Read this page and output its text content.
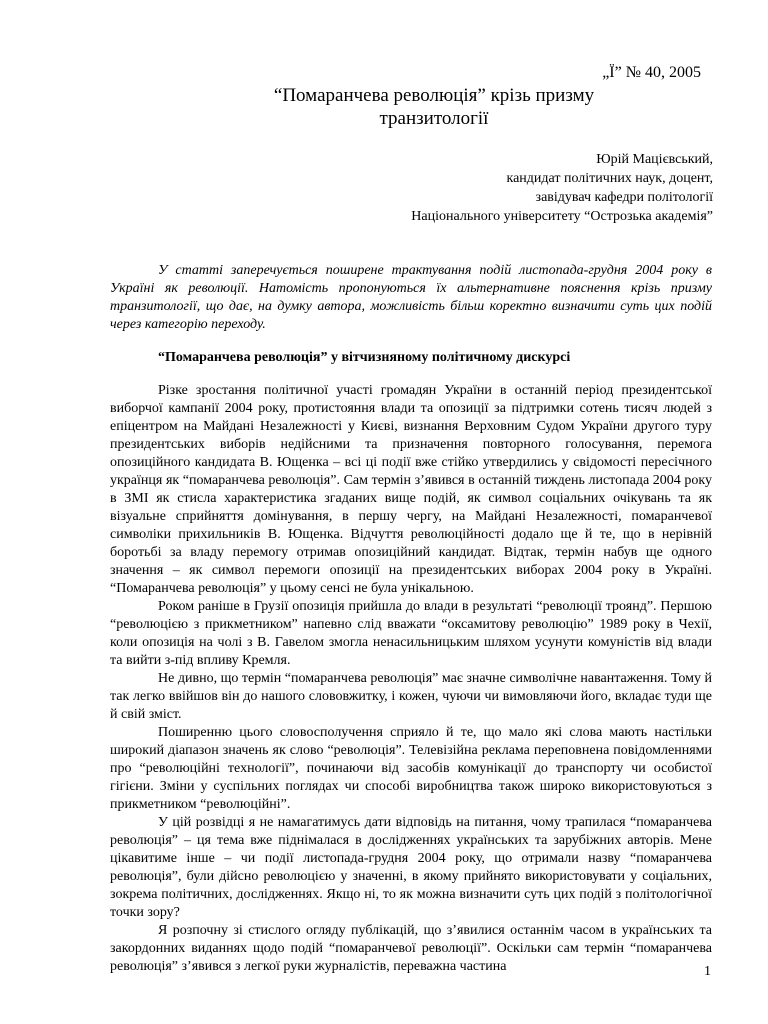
„Ї” № 40, 2005
“Помаранчева революція” крізь призму
транзитології
Юрій Мацієвський,
кандидат політичних наук, доцент,
завідувач кафедри політології
Національного університету “Острозька академія”

У статті заперечується поширене трактування подій листопада-грудня 2004 року в Україні як революції. Натомість пропонуються їх альтернативне пояснення крізь призму транзитології, що дає, на думку автора, можливість більш коректно визначити суть цих подій через категорію переходу.

“Помаранчева революція” у вітчизняному політичному дискурсі

Різке зростання політичної участі громадян України в останній період президентської виборчої кампанії 2004 року, протистояння влади та опозиції за підтримки сотень тисяч людей з епіцентром на Майдані Незалежності у Києві, визнання Верховним Судом України другого туру президентських виборів недійсними та призначення повторного голосування, перемога опозиційного кандидата В. Ющенка – всі ці події вже стійко утвердились у свідомості пересічного українця як “помаранчева революція”. Сам термін з’явився в останній тиждень листопада 2004 року в ЗМІ як стисла характеристика згаданих вище подій, як символ соціальних очікувань та як візуальне сприйняття домінування, в першу чергу, на Майдані Незалежності, помаранчевої символіки прихильників В. Ющенка. Відчуття революційності додало ще й те, що в нерівній боротьбі за владу перемогу отримав опозиційний кандидат. Відтак, термін набув ще одного значення – як символ перемоги опозиції на президентських виборах 2004 року в Україні. “Помаранчева революція” у цьому сенсі не була унікальною.

Роком раніше в Грузії опозиція прийшла до влади в результаті “революції троянд”. Першою “революцією з прикметником” напевно слід вважати “оксамитову революцію” 1989 року в Чехії, коли опозиція на чолі з В. Гавелом змогла ненасильницьким шляхом усунути комуністів від влади та вийти з-під впливу Кремля.

Не дивно, що термін “помаранчева революція” має значне символічне навантаження. Тому й так легко ввійшов він до нашого слововжитку, і кожен, чуючи чи вимовляючи його, вкладає туди ще й свій зміст.

Поширенню цього словосполучення сприяло й те, що мало які слова мають настільки широкий діапазон значень як слово “революція”. Телевізійна реклама переповнена повідомленнями про “революційні технології”, починаючи від засобів комунікації до транспорту чи особистої гігієни. Зміни у суспільних поглядах чи способі виробництва також широко використовуються з прикметником “революційні”.

У цій розвідці я не намагатимусь дати відповідь на питання, чому трапилася “помаранчева революція” – ця тема вже піднімалася в дослідженнях українських та зарубіжних авторів. Мене цікавитиме інше – чи події листопада-грудня 2004 року, що отримали назву “помаранчева революція”, були дійсно революцією у значенні, в якому прийнято використовувати у соціальних, зокрема політичних, дослідженнях. Якщо ні, то як можна визначити суть цих подій з політологічної точки зору?

Я розпочну зі стислого огляду публікацій, що з’явилися останнім часом в українських та закордонних виданнях щодо подій “помаранчевої революції”. Оскільки сам термін “помаранчева революція” з’явився з легкої руки журналістів, переважна частина	1
